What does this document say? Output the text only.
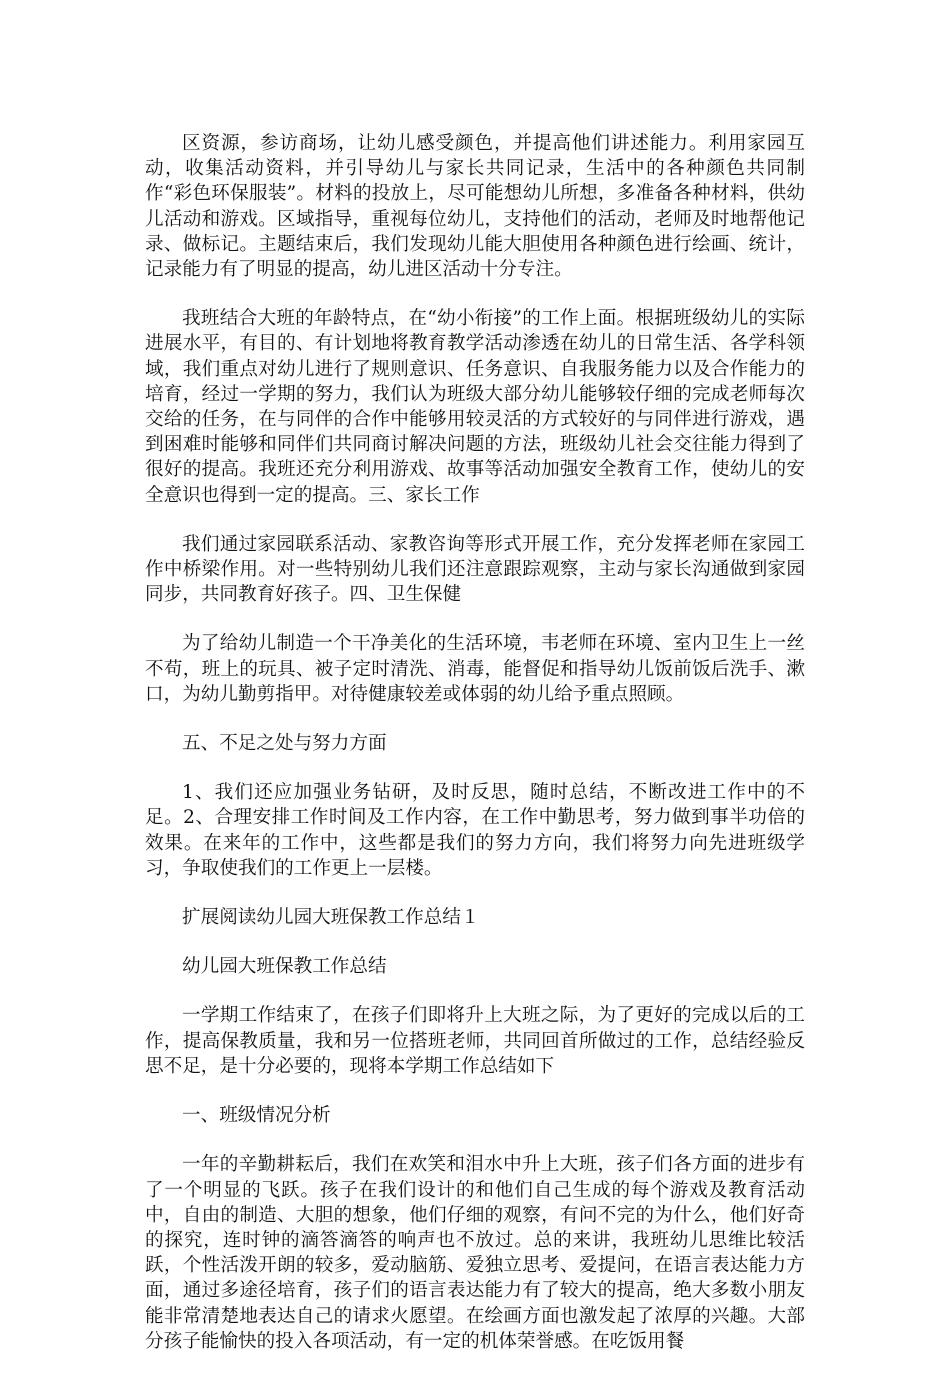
区资源，参访商场，让幼儿感受颜色，并提高他们讲述能力。利用家园互动，收集活动资料，并引导幼儿与家长共同记录，生活中的各种颜色共同制作“彩色环保服装”。材料的投放上，尽可能想幼儿所想，多准备各种材料，供幼儿活动和游戏。区域指导，重视每位幼儿，支持他们的活动，老师及时地帮他记录、做标记。主题结束后，我们发现幼儿能大胆使用各种颜色进行绘画、统计，记录能力有了明显的提高，幼儿进区活动十分专注。

我班结合大班的年龄特点，在“幼小衔接”的工作上面。根据班级幼儿的实际进展水平，有目的、有计划地将教育教学活动渗透在幼儿的日常生活、各学科领域，我们重点对幼儿进行了规则意识、任务意识、自我服务能力以及合作能力的培育，经过一学期的努力，我们认为班级大部分幼儿能够较仔细的完成老师每次交给的任务，在与同伴的合作中能够用较灵活的方式较好的与同伴进行游戏，遇到困难时能够和同伴们共同商讨解决问题的方法，班级幼儿社会交往能力得到了很好的提高。我班还充分利用游戏、故事等活动加强安全教育工作，使幼儿的安全意识也得到一定的提高。三、家长工作

我们通过家园联系活动、家教咨询等形式开展工作，充分发挥老师在家园工作中桥梁作用。对一些特别幼儿我们还注意跟踪观察，主动与家长沟通做到家园同步，共同教育好孩子。四、卫生保健

为了给幼儿制造一个干净美化的生活环境，韦老师在环境、室内卫生上一丝不苟，班上的玩具、被子定时清洗、消毒，能督促和指导幼儿饭前饭后洗手、漱口，为幼儿勤剪指甲。对待健康较差或体弱的幼儿给予重点照顾。

五、不足之处与努力方面

1、我们还应加强业务钻研，及时反思，随时总结，不断改进工作中的不足。2、合理安排工作时间及工作内容，在工作中勤思考，努力做到事半功倍的效果。在来年的工作中，这些都是我们的努力方向，我们将努力向先进班级学习，争取使我们的工作更上一层楼。

扩展阅读幼儿园大班保教工作总结１

幼儿园大班保教工作总结

一学期工作结束了，在孩子们即将升上大班之际，为了更好的完成以后的工作，提高保教质量，我和另一位搭班老师，共同回首所做过的工作，总结经验反思不足，是十分必要的，现将本学期工作总结如下

一、班级情况分析

一年的辛勤耕耘后，我们在欢笑和泪水中升上大班，孩子们各方面的进步有了一个明显的飞跃。孩子在我们设计的和他们自己生成的每个游戏及教育活动中，自由的制造、大胆的想象，他们仔细的观察，有问不完的为什么，他们好奇的探究，连时钟的滴答滴答的响声也不放过。总的来讲，我班幼儿思维比较活跃，个性活泼开朗的较多，爱动脑筋、爱独立思考、爱提问，在语言表达能力方面，通过多途径培育，孩子们的语言表达能力有了较大的提高，绝大多数小朋友能非常清楚地表达自己的请求火愿望。在绘画方面也激发起了浓厚的兴趣。大部分孩子能愉快的投入各项活动，有一定的机体荣誉感。在吃饭用餐
